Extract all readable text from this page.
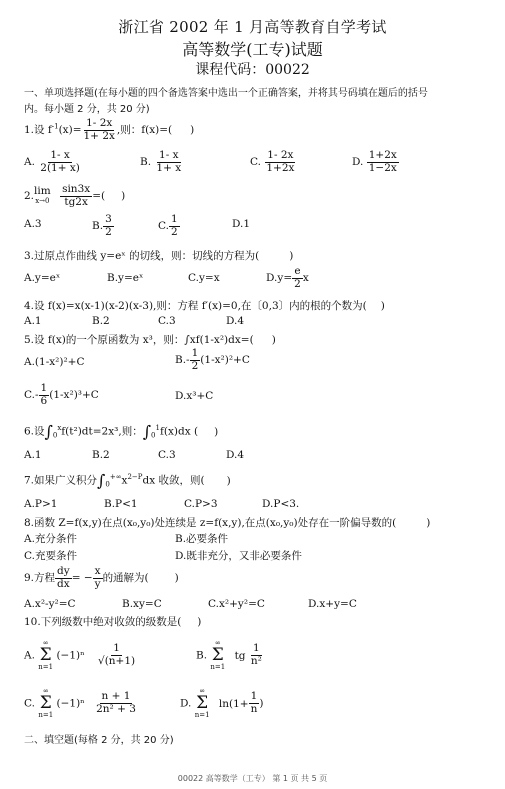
浙江省 2002 年 1 月高等教育自学考试
高等数学(工专)试题
课程代码：00022
一、单项选择题(在每小题的四个备选答案中选出一个正确答案，并将其号码填在题后的括号
内。每小题 2 分，共 20 分)
1.设 $f^{-1}(x)= \frac{1- 2x}{1+ 2x}$ ,则：f(x)=( )
A. $\frac{1- x}{2(1+ x)}$	B. $\frac{1- x}{1+ x}$	C. $\frac{1- 2x}{1+2x}$	D. $\frac{1+2x}{1-2x}$
2. lim
x→0
$\frac{\sin 3x}{tg2x}$ =( )
A.3	B. $\frac{3}{2}$	C. $\frac{1}{2}$	D.1
3.过原点作曲线 y=eˣ 的切线，则：切线的方程为(	)
A.y=eˣ	B.y=eˣ	C.y=x	$D.y= \frac{e}{2}$ x
4.设 f(x)=x(x-1)(x-2)(x-3),则：方程 f′(x)=0,在〔0,3〕内的根的个数为( )
A.1	B.2	C.3	D.4
5.设 f(x)的一个原函数为 x³，则：∫xf(1-x²)dx=( )
A.(1-x²)²+C	$B.- \frac{1}{2} (1-x^2)^2+C$
$C.- \frac{1}{6} (1-x^2)^3+C$	D.x³+C
6.设$\int_0^xf(t^2)dt=2x^3$,则：$\int_0^1f(x)dx$ ( )
A.1	B.2	C.3	D.4
7.如果广义积分$\int_0^{+\infty}x^{2-P}dx$ 收敛，则( )
A.P>1	B.P<1	C.P>3	D.P<3.
8.函数 Z=f(x,y)在点(x₀,y₀)处连续是 z=f(x,y),在点(x₀,y₀)处存在一阶偏导数的(	)
A.充分条件	B.必要条件
C.充要条件	D.既非充分，又非必要条件
9.方程 $\frac{dy}{dx}$ = − $\frac{x}{y}$ 的通解为( )
A.x²-y²=C	B.xy=C	C.x²+y²=C	D.x+y=C
10.下列级数中绝对收敛的级数是( )
A.
∞
Σ
n=1
$(-1)^n \frac{1}{√(n+1)}$	B.
∞
Σ
n=1
tg $\frac{1}{\text{n²}}$
C.
∞
Σ
n=1
$(-1)^n \frac{n + 1}{\text{2n² + 3}}$	D.
∞
Σ
n=1
$\ln(1+ \frac{1}{n}$ )
二、填空题(每格 2 分，共 20 分)
00022 高等数学（工专） 第 1 页 共 5 页
